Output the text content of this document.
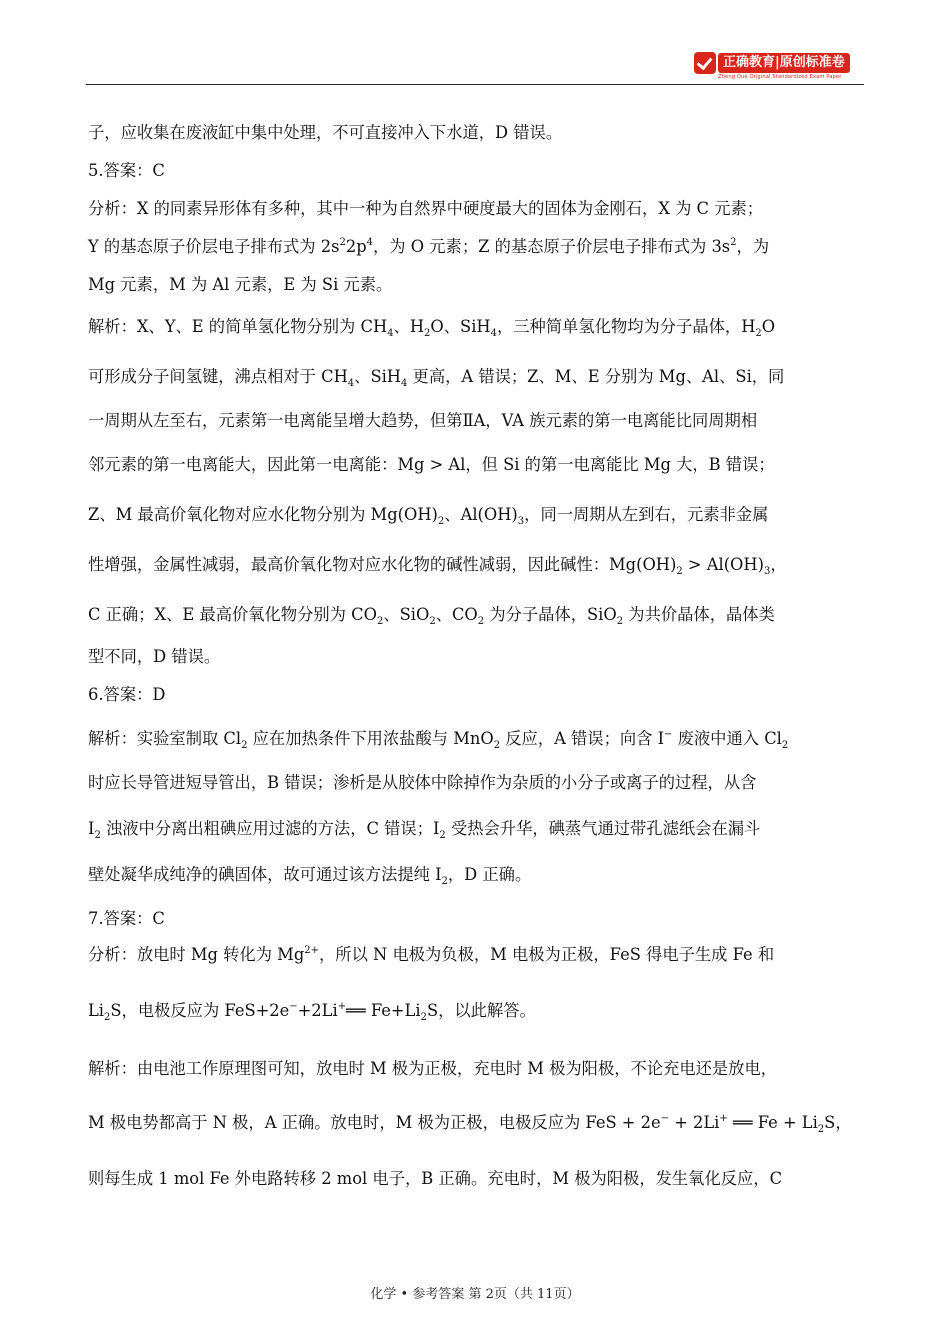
正确教育|原创标准卷
Zheng Que Original Standardized Exam Paper
子，应收集在废液缸中集中处理，不可直接冲入下水道，D 错误。
5.答案：C
分析：X 的同素异形体有多种，其中一种为自然界中硬度最大的固体为金刚石，X 为 C 元素；
Y 的基态原子价层电子排布式为 $2s^22p^4$，为 O 元素；Z 的基态原子价层电子排布式为 $3s^2$，为
Mg 元素，M 为 Al 元素，E 为 Si 元素。
解析：X、Y、E 的简单氢化物分别为 $CH_4$、$H_2O$、SiH$_4$，三种简单氢化物均为分子晶体，$H_2O$
可形成分子间氢键，沸点相对于 $CH_4$、SiH$_4$ 更高，A 错误；Z、M、E 分别为 Mg、Al、Si，同
一周期从左至右，元素第一电离能呈增大趋势，但第ⅡA，VA 族元素的第一电离能比同周期相
邻元素的第一电离能大，因此第一电离能：Mg > Al，但 Si 的第一电离能比 Mg 大，B 错误；
Z、M 最高价氧化物对应水化物分别为 $Mg(OH)_2$、$Al(OH)_3$，同一周期从左到右，元素非金属
性增强，金属性减弱，最高价氧化物对应水化物的碱性减弱，因此碱性：$Mg(OH)_2 > Al(OH)_3$，
C 正确；X、E 最高价氧化物分别为 $CO_2$、SiO$_2$、$CO_2$ 为分子晶体，SiO$_2$ 为共价晶体，晶体类
型不同，D 错误。
6.答案：D
解析：实验室制取 $Cl_2$ 应在加热条件下用浓盐酸与 MnO$_2$ 反应，A 错误；向含 I− 废液中通入 $Cl_2$
时应长导管进短导管出，B 错误；渗析是从胶体中除掉作为杂质的小分子或离子的过程，从含
$I_2$ 浊液中分离出粗碘应用过滤的方法，C 错误；$I_2$ 受热会升华，碘蒸气通过带孔滤纸会在漏斗
壁处凝华成纯净的碘固体，故可通过该方法提纯 $I_2$，D 正确。
7.答案：C
分析：放电时 Mg 转化为 $Mg^{2+}$，所以 N 电极为负极，M 电极为正极，FeS 得电子生成 Fe 和
$Li_2S$，电极反应为 FeS+2e−+2Li+══ $Fe+Li_2S$，以此解答。
解析：由电池工作原理图可知，放电时 M 极为正极，充电时 M 极为阳极，不论充电还是放电，
M 极电势都高于 N 极，A 正确。放电时，M 极为正极，电极反应为 FeS + 2e− + 2Li+ ══ $Fe + Li_2S$，
则每生成 1 mol Fe 外电路转移 2 mol 电子，B 正确。充电时，M 极为阳极，发生氧化反应，C
化学 • 参考答案 第 2页（共 11页）
